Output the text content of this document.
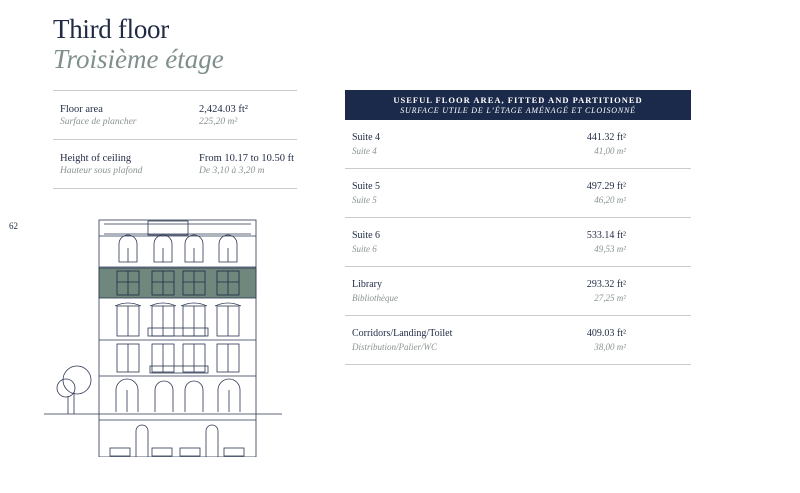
Third floor
Troisième étage
Floor area
Surface de plancher
2,424.03 ft²
225,20 m²
Height of ceiling
Hauteur sous plafond
From 10.17 to 10.50 ft
De 3,10 à 3,20 m
62
USEFUL FLOOR AREA, FITTED AND PARTITIONED
SURFACE UTILE DE L’ÉTAGE AMÉNAGÉ ET CLOISONNÉ
Suite 4
Suite 4
441.32 ft²
41,00 m²
Suite 5
Suite 5
497.29 ft²
46,20 m²
Suite 6
Suite 6
533.14 ft²
49,53 m²
Library
Bibliothèque
293.32 ft²
27,25 m²
Corridors/Landing/Toilet
Distribution/Palier/WC
409.03 ft²
38,00 m²
